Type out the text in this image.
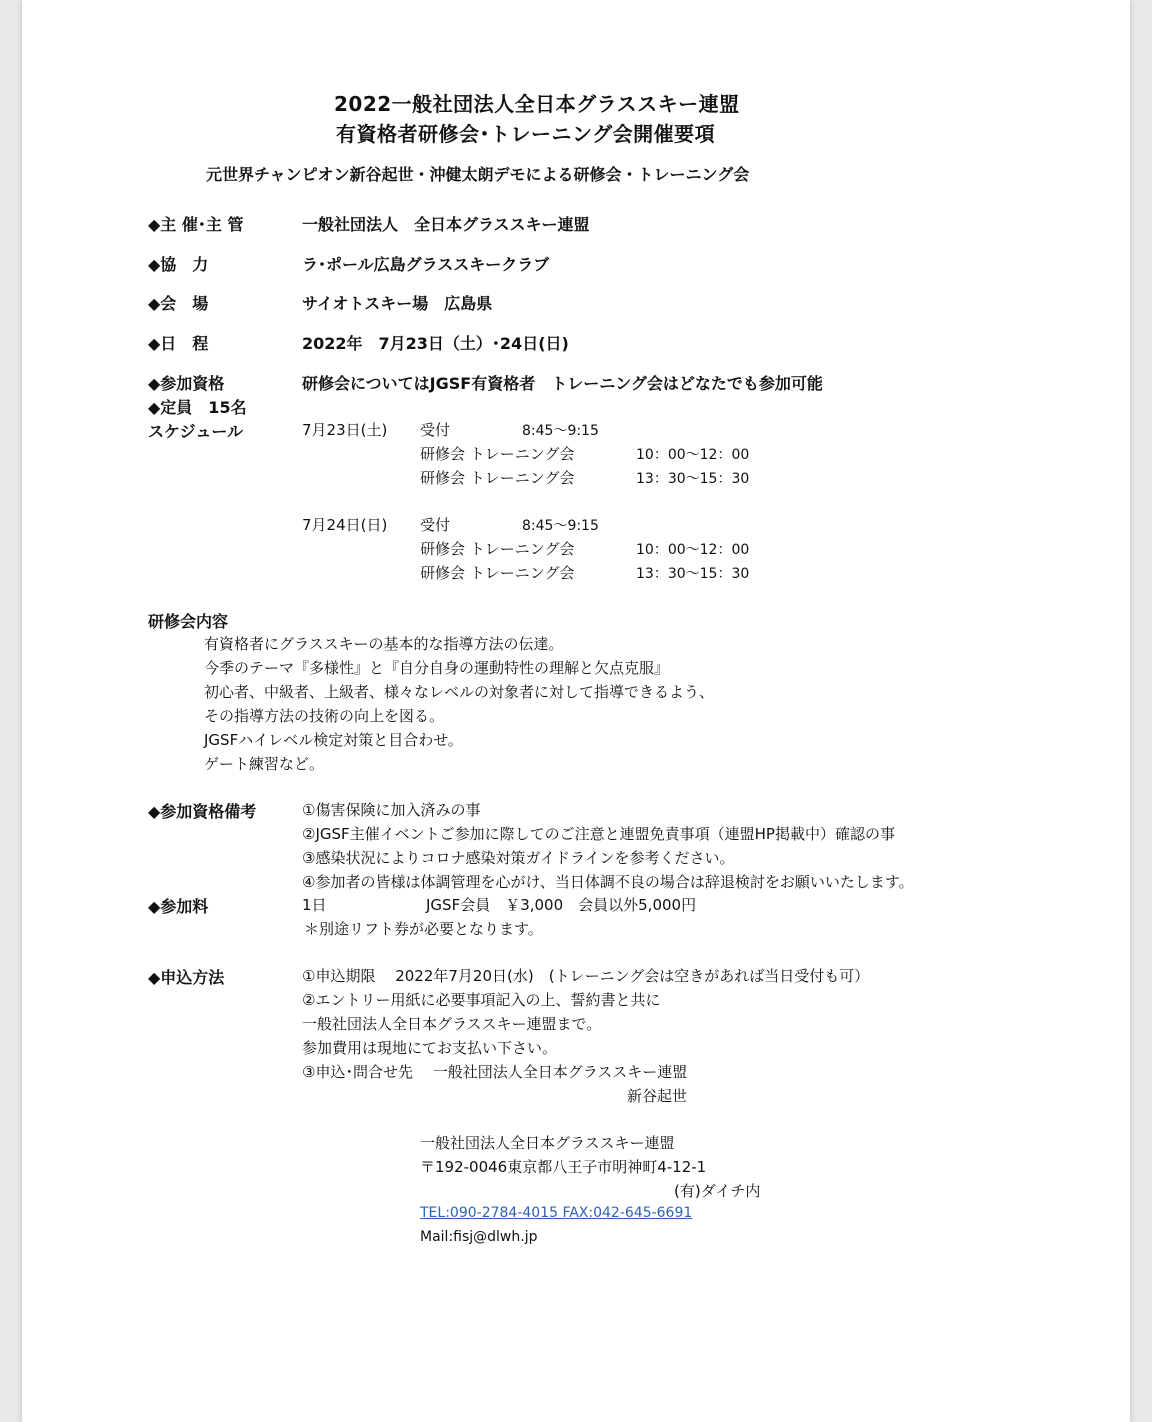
2022一般社団法人全日本グラススキー連盟
有資格者研修会･トレーニング会開催要項
元世界チャンピオン新谷起世・沖健太朗デモによる研修会・トレーニング会
◆主 催･主 管	一般社団法人　全日本グラススキー連盟
◆協　力	ラ･ポール広島グラススキークラブ
◆会　場	サイオトスキー場　広島県
◆日　程	2022年　7月23日（土）･24日(日)
◆参加資格	研修会についてはJGSF有資格者　トレーニング会はどなたでも参加可能
◆定員　15名
スケジュール	7月23日(土) 受付	8:45～9:15
研修会 トレーニング会	10：00～12：00
研修会 トレーニング会	13：30～15：30
7月24日(日) 受付	8:45～9:15
研修会 トレーニング会	10：00～12：00
研修会 トレーニング会	13：30～15：30
研修会内容
有資格者にグラススキーの基本的な指導方法の伝達。
今季のテーマ『多様性』と『自分自身の運動特性の理解と欠点克服』
初心者、中級者、上級者、様々なレベルの対象者に対して指導できるよう、
その指導方法の技術の向上を図る。
JGSFハイレベル検定対策と目合わせ。
ゲート練習など。
◆参加資格備考	①傷害保険に加入済みの事
②JGSF主催イベントご参加に際してのご注意と連盟免責事項（連盟HP掲載中）確認の事
③感染状況によりコロナ感染対策ガイドラインを参考ください。
④参加者の皆様は体調管理を心がけ、当日体調不良の場合は辞退検討をお願いいたします。
◆参加料	1日	JGSF会員　￥3,000　会員以外5,000円
＊別途リフト券が必要となります。
◆申込方法	①申込期限　 2022年7月20日(水)　(トレーニング会は空きがあれば当日受付も可）
②エントリー用紙に必要事項記入の上、誓約書と共に
一般社団法人全日本グラススキー連盟まで。
参加費用は現地にてお支払い下さい。
③申込･問合せ先　 一般社団法人全日本グラススキー連盟
新谷起世
一般社団法人全日本グラススキー連盟
〒192-0046東京都八王子市明神町4-12-1
(有)ダイチ内
TEL:090-2784-4015 FAX:042-645-6691
Mail:fisj@dlwh.jp
